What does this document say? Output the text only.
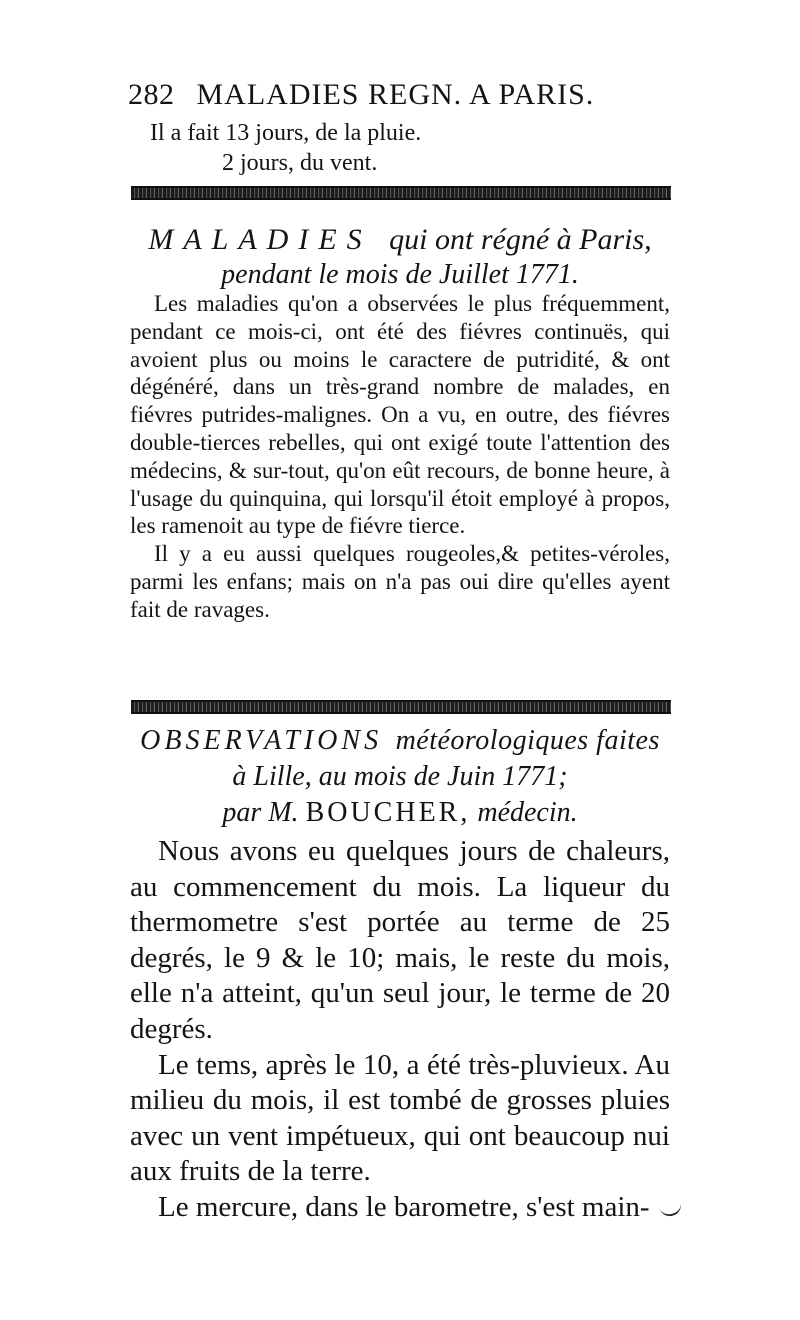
282 MALADIES REGN. A PARIS.
Il a fait 13 jours, de la pluie.
2 jours, du vent.
MALADIES qui ont régné à Paris,
pendant le mois de Juillet 1771.

Les maladies qu'on a observées le plus fréquemment, pendant ce mois-ci, ont été des fiévres continuës, qui avoient plus ou moins le caractere de putridité, & ont dégénéré, dans un très-grand nombre de malades, en fiévres putrides-malignes. On a vu, en outre, des fiévres double-tierces rebelles, qui ont exigé toute l'attention des médecins, & sur-tout, qu'on eût recours, de bonne heure, à l'usage du quinquina, qui lorsqu'il étoit employé à propos, les ramenoit au type de fiévre tierce.

Il y a eu aussi quelques rougeoles,& petites-véroles, parmi les enfans; mais on n'a pas oui dire qu'elles ayent fait de ravages.

OBSERVATIONS météorologiques faites
à Lille, au mois de Juin 1771;
par M. BOUCHER, médecin.

Nous avons eu quelques jours de chaleurs, au commencement du mois. La liqueur du thermometre s'est portée au terme de 25 degrés, le 9 & le 10; mais, le reste du mois, elle n'a atteint, qu'un seul jour, le terme de 20 degrés.

Le tems, après le 10, a été très-pluvieux. Au milieu du mois, il est tombé de grosses pluies avec un vent impétueux, qui ont beaucoup nui aux fruits de la terre.

Le mercure, dans le barometre, s'est main-
